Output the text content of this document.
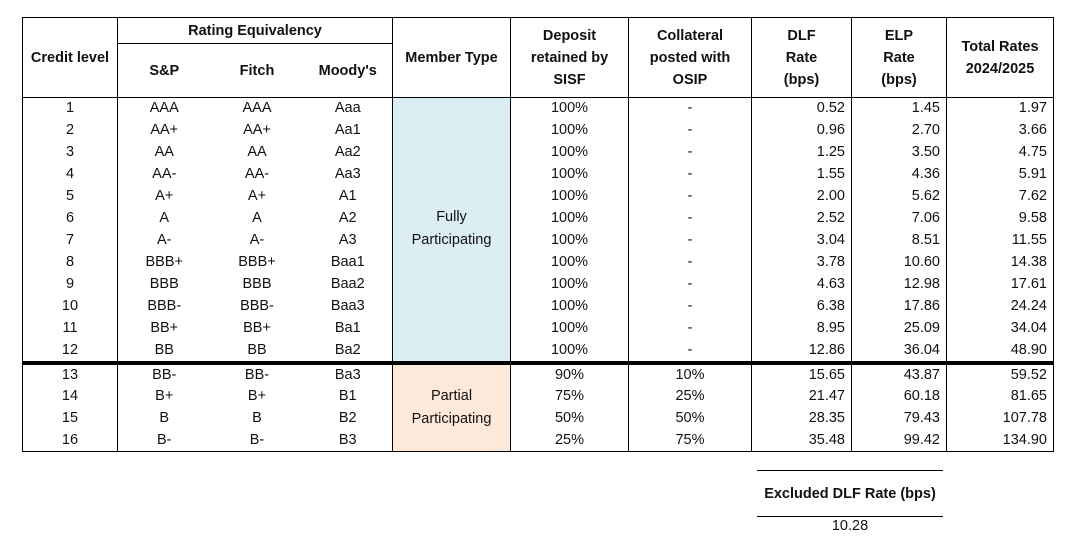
Credit level	Rating Equivalency			Member Type	Deposit retained by SISF	Collateral posted with OSIP	DLF Rate (bps)	ELP Rate (bps)	Total Rates 2024/2025
	S&P	Fitch	Moody's						
1	AAA	AAA	Aaa	Fully Participating	100%	-	0.52	1.45	1.97
2	AA+	AA+	Aa1		100%	-	0.96	2.70	3.66
3	AA	AA	Aa2		100%	-	1.25	3.50	4.75
4	AA-	AA-	Aa3		100%	-	1.55	4.36	5.91
5	A+	A+	A1		100%	-	2.00	5.62	7.62
6	A	A	A2		100%	-	2.52	7.06	9.58
7	A-	A-	A3		100%	-	3.04	8.51	11.55
8	BBB+	BBB+	Baa1		100%	-	3.78	10.60	14.38
9	BBB	BBB	Baa2		100%	-	4.63	12.98	17.61
10	BBB-	BBB-	Baa3		100%	-	6.38	17.86	24.24
11	BB+	BB+	Ba1		100%	-	8.95	25.09	34.04
12	BB	BB	Ba2		100%	-	12.86	36.04	48.90
13	BB-	BB-	Ba3	Partial Participating	90%	10%	15.65	43.87	59.52
14	B+	B+	B1		75%	25%	21.47	60.18	81.65
15	B	B	B2		50%	50%	28.35	79.43	107.78
16	B-	B-	B3		25%	75%	35.48	99.42	134.90
Excluded DLF Rate (bps)
10.28
